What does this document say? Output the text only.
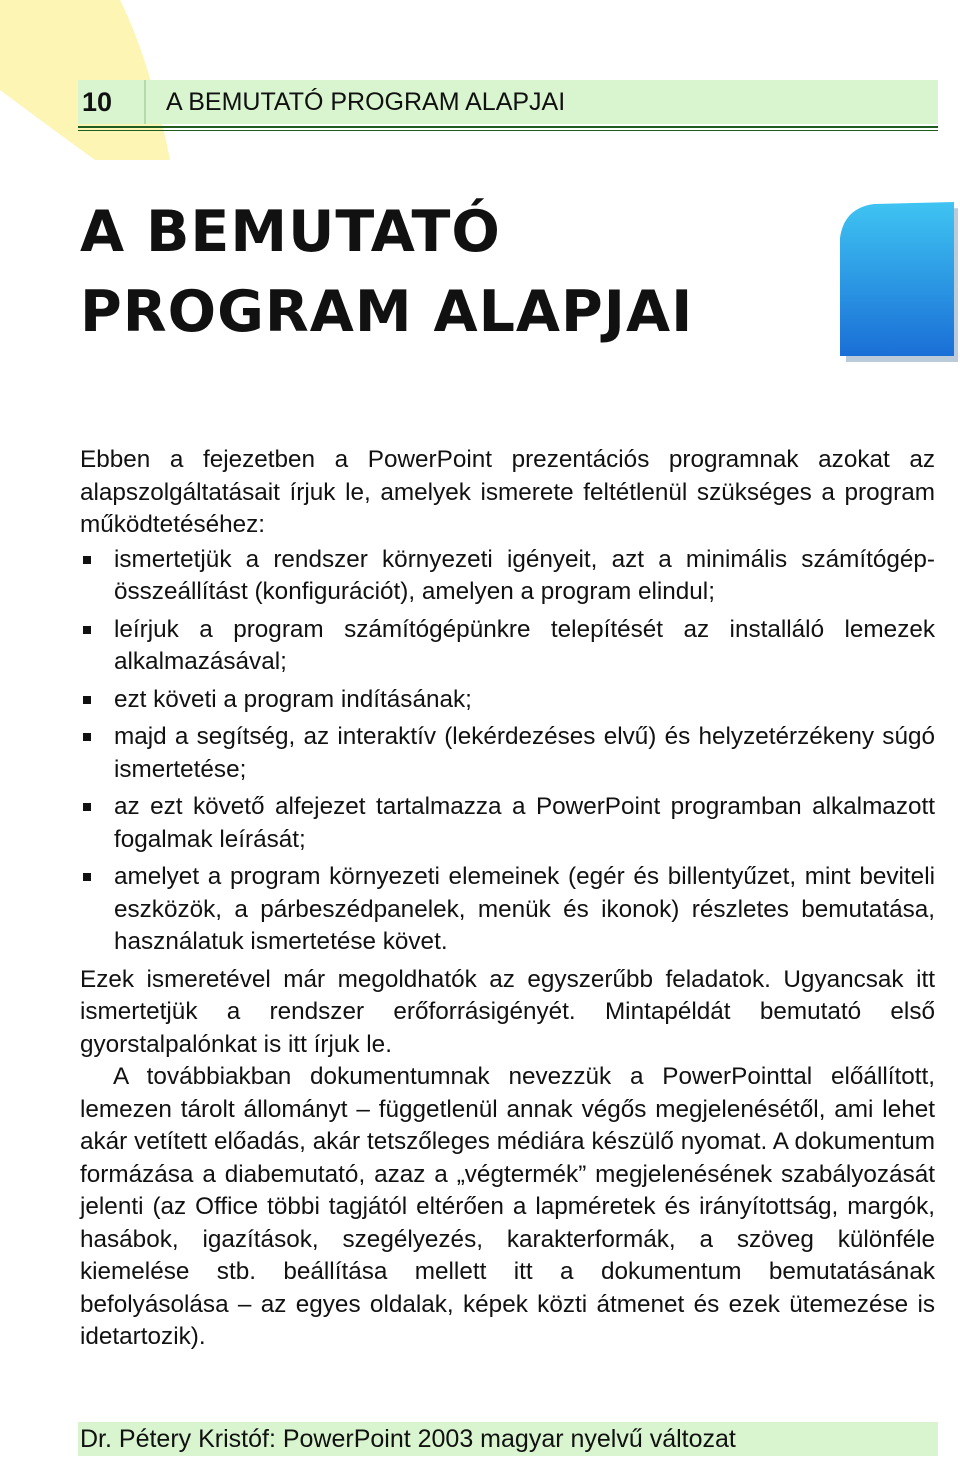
10	A BEMUTATÓ PROGRAM ALAPJAI
A BEMUTATÓ PROGRAM ALAPJAI

Ebben a fejezetben a PowerPoint prezentációs programnak azokat az alapszolgáltatásait írjuk le, amelyek ismerete feltétlenül szükséges a program működtetéséhez:

ismertetjük a rendszer környezeti igényeit, azt a minimális számítógép-összeállítást (konfigurációt), amelyen a program elindul;
leírjuk a program számítógépünkre telepítését az installáló lemezek alkalmazásával;
ezt követi a program indításának;
majd a segítség, az interaktív (lekérdezéses elvű) és helyzetérzékeny súgó ismertetése;
az ezt követő alfejezet tartalmazza a PowerPoint programban alkalmazott fogalmak leírását;
amelyet a program környezeti elemeinek (egér és billentyűzet, mint beviteli eszközök, a párbeszédpanelek, menük és ikonok) részletes bemutatása, használatuk ismertetése követ.

Ezek ismeretével már megoldhatók az egyszerűbb feladatok. Ugyancsak itt ismertetjük a rendszer erőforrásigényét. Mintapéldát bemutató első gyorstalpalónkat is itt írjuk le.

A továbbiakban dokumentumnak nevezzük a PowerPointtal előállított, lemezen tárolt állományt – függetlenül annak végős megjelenésétől, ami lehet akár vetített előadás, akár tetszőleges médiára készülő nyomat. A dokumentum formázása a diabemutató, azaz a „végtermék” megjelenésének szabályozását jelenti (az Office többi tagjától eltérően a lapméretek és irányítottság, margók, hasábok, igazítások, szegélyezés, karakterformák, a szöveg különféle kiemelése stb. beállítása mellett itt a dokumentum bemutatásának befolyásolása – az egyes oldalak, képek közti átmenet és ezek ütemezése is idetartozik).

Dr. Pétery Kristóf: PowerPoint 2003 magyar nyelvű változat
